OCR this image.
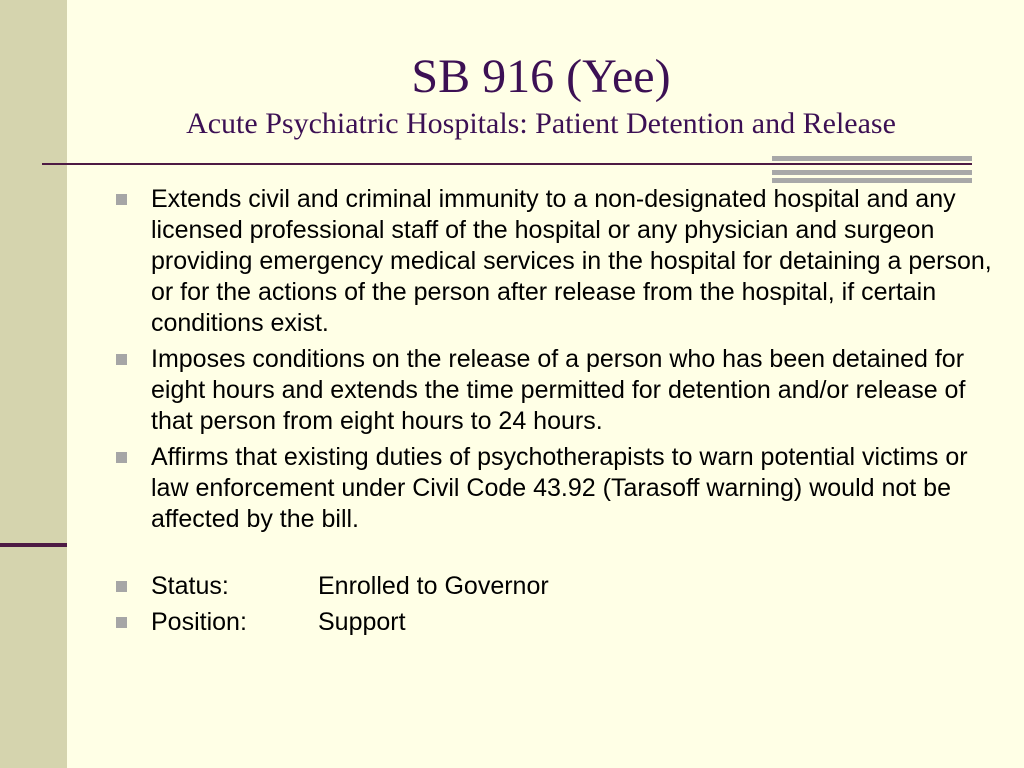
SB 916 (Yee)
Acute Psychiatric Hospitals: Patient Detention and Release
Extends civil and criminal immunity to a non-designated hospital and any licensed professional staff of the hospital or any physician and surgeon providing emergency medical services in the hospital for detaining a person, or for the actions of the person after release from the hospital, if certain conditions exist.
Imposes conditions on the release of a person who has been detained for eight hours and extends the time permitted for detention and/or release of that person from eight hours to 24 hours.
Affirms that existing duties of psychotherapists to warn potential victims or law enforcement under Civil Code 43.92 (Tarasoff warning) would not be affected by the bill.
Status:	Enrolled to Governor
Position:	Support
